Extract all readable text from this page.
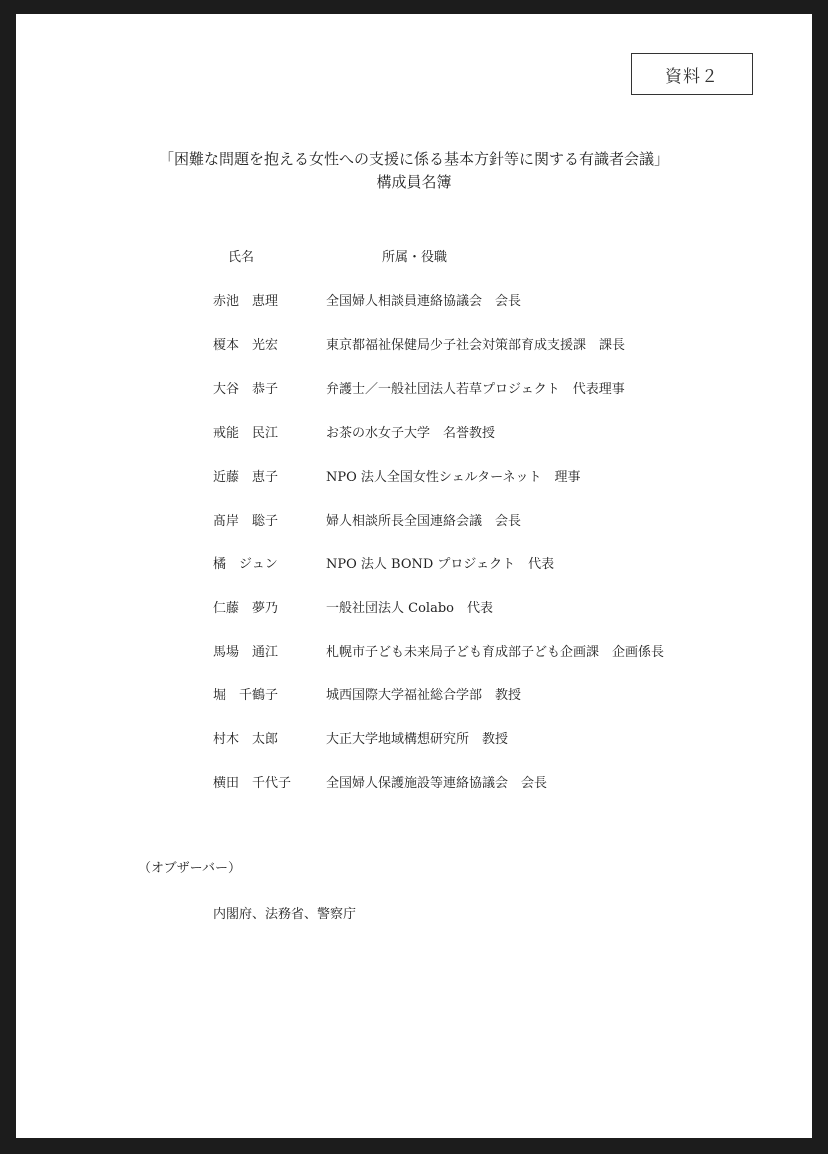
資料２
「困難な問題を抱える女性への支援に係る基本方針等に関する有識者会議」
構成員名簿
氏名	所属・役職
赤池　恵理	全国婦人相談員連絡協議会　会長
榎本　光宏	東京都福祉保健局少子社会対策部育成支援課　課長
大谷　恭子	弁護士／一般社団法人若草プロジェクト　代表理事
戒能　民江	お茶の水女子大学　名誉教授
近藤　恵子	NPO 法人全国女性シェルターネット　理事
髙岸　聡子	婦人相談所長全国連絡会議　会長
橘　ジュン	NPO 法人 BOND プロジェクト　代表
仁藤　夢乃	一般社団法人 Colabo　代表
馬場　通江	札幌市子ども未来局子ども育成部子ども企画課　企画係長
堀　千鶴子	城西国際大学福祉総合学部　教授
村木　太郎	大正大学地域構想研究所　教授
横田　千代子	全国婦人保護施設等連絡協議会　会長
（オブザーバー）
内閣府、法務省、警察庁
